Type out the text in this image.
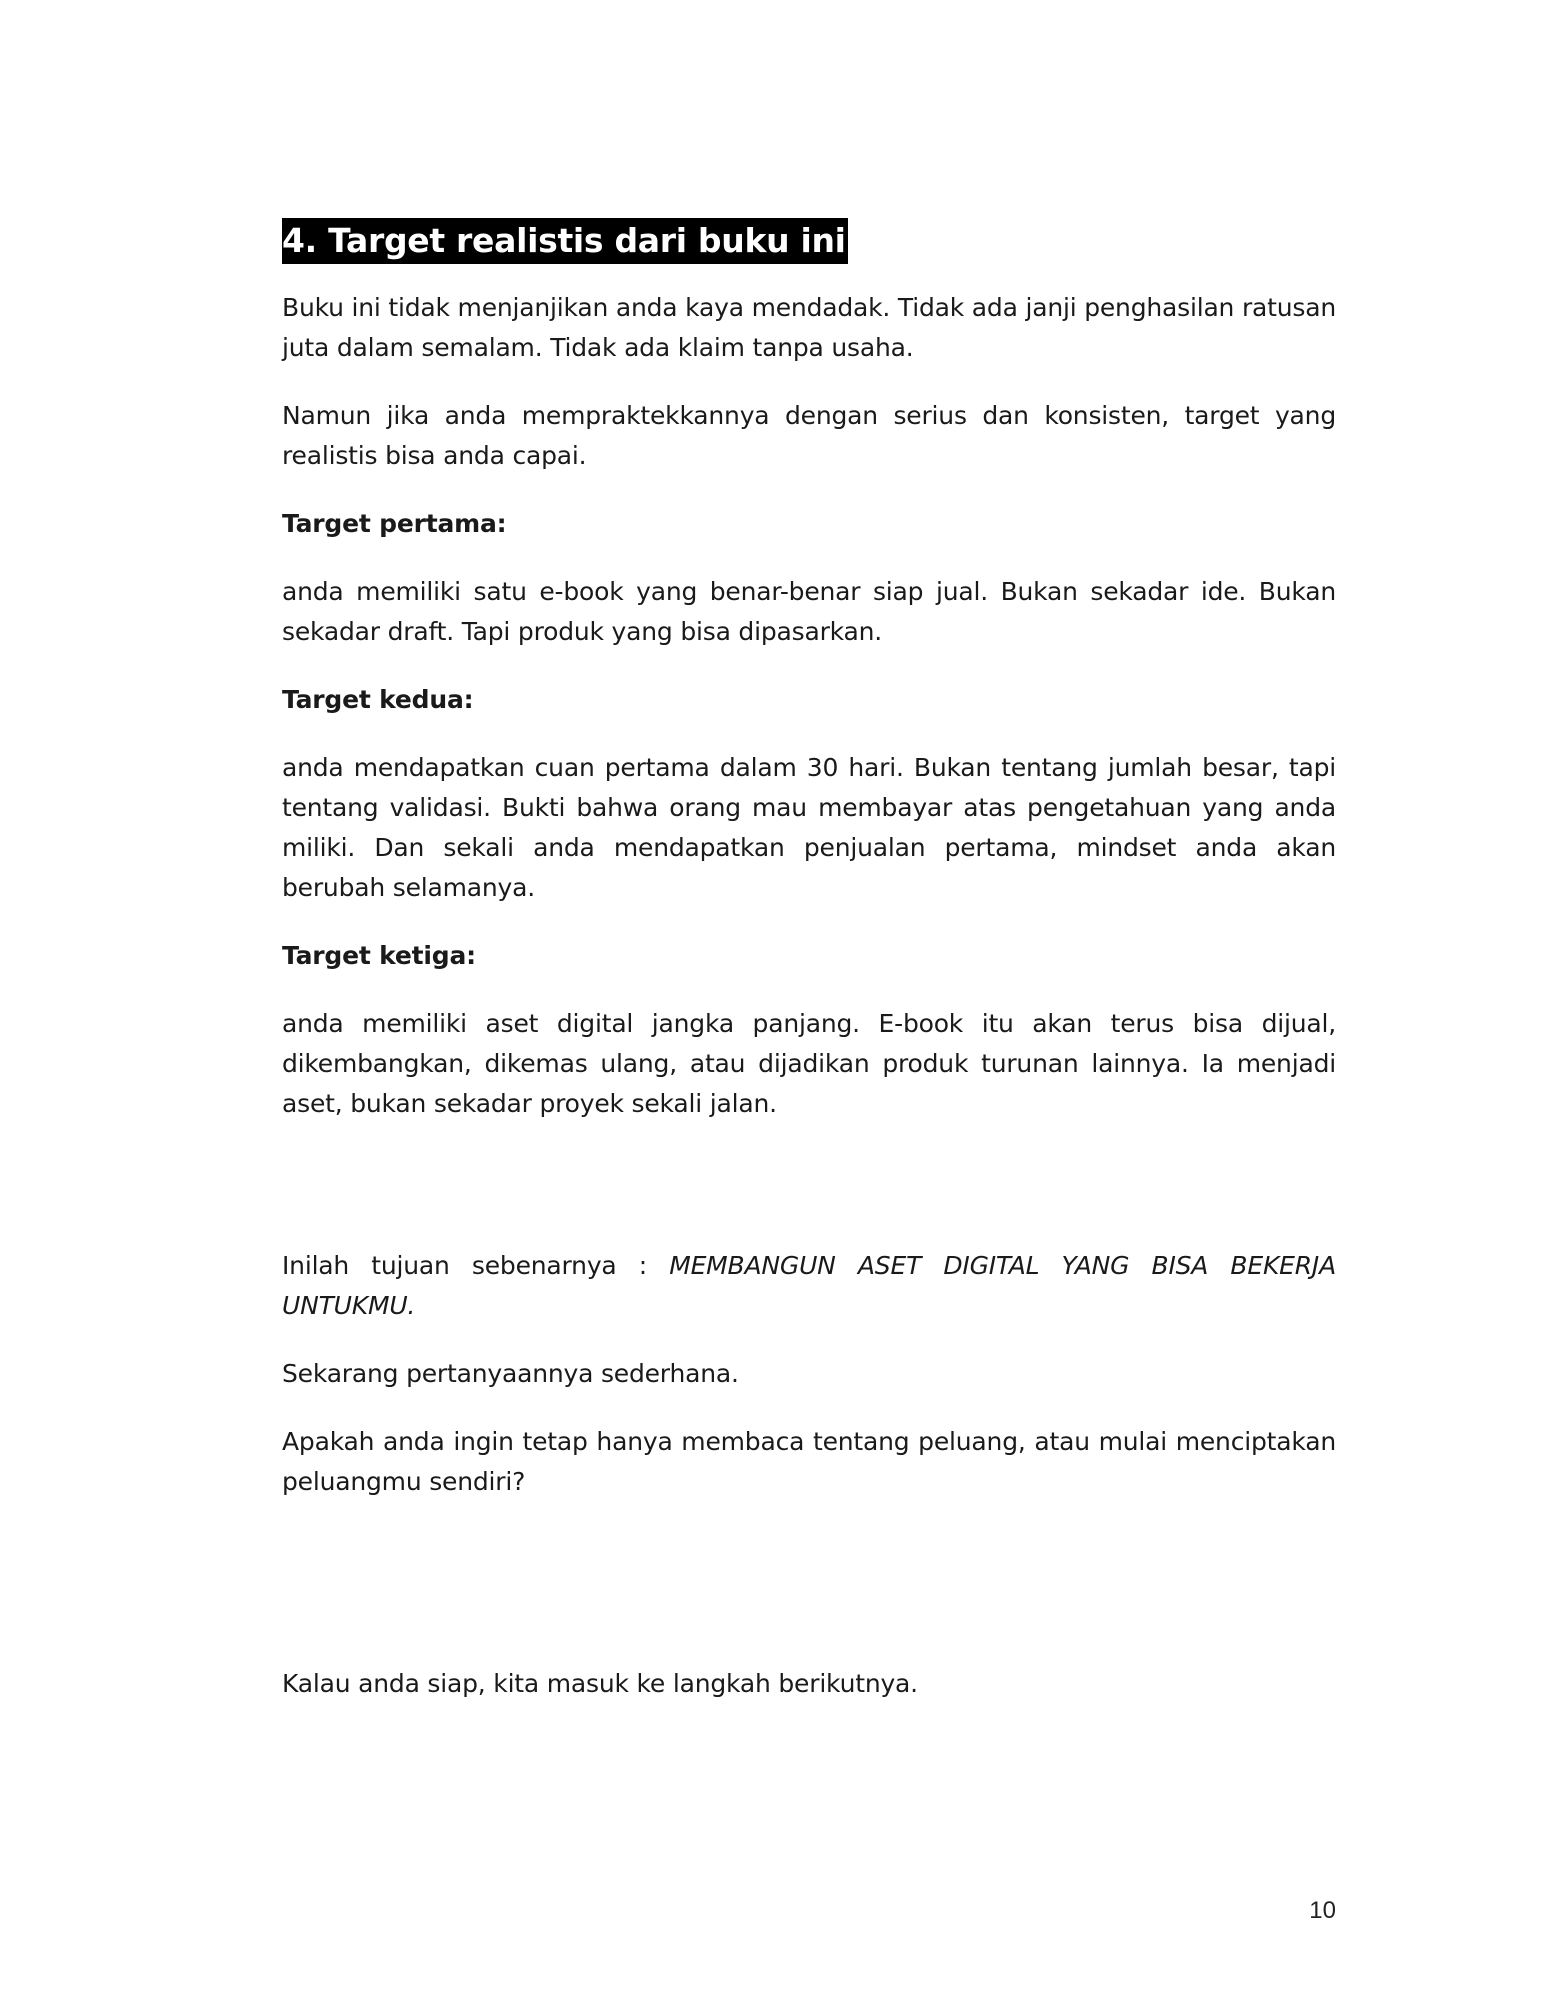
4. Target realistis dari buku ini

Buku ini tidak menjanjikan anda kaya mendadak. Tidak ada janji penghasilan ratusan juta dalam semalam. Tidak ada klaim tanpa usaha.

Namun jika anda mempraktekkannya dengan serius dan konsisten, target yang realistis bisa anda capai.

Target pertama:

anda memiliki satu e-book yang benar-benar siap jual. Bukan sekadar ide. Bukan sekadar draft. Tapi produk yang bisa dipasarkan.

Target kedua:

anda mendapatkan cuan pertama dalam 30 hari. Bukan tentang jumlah besar, tapi tentang validasi. Bukti bahwa orang mau membayar atas pengetahuan yang anda miliki. Dan sekali anda mendapatkan penjualan pertama, mindset anda akan berubah selamanya.

Target ketiga:

anda memiliki aset digital jangka panjang. E-book itu akan terus bisa dijual, dikembangkan, dikemas ulang, atau dijadikan produk turunan lainnya. Ia menjadi aset, bukan sekadar proyek sekali jalan.

Inilah tujuan sebenarnya : MEMBANGUN ASET DIGITAL YANG BISA BEKERJA UNTUKMU.

Sekarang pertanyaannya sederhana.

Apakah anda ingin tetap hanya membaca tentang peluang, atau mulai menciptakan peluangmu sendiri?

Kalau anda siap, kita masuk ke langkah berikutnya.

10
